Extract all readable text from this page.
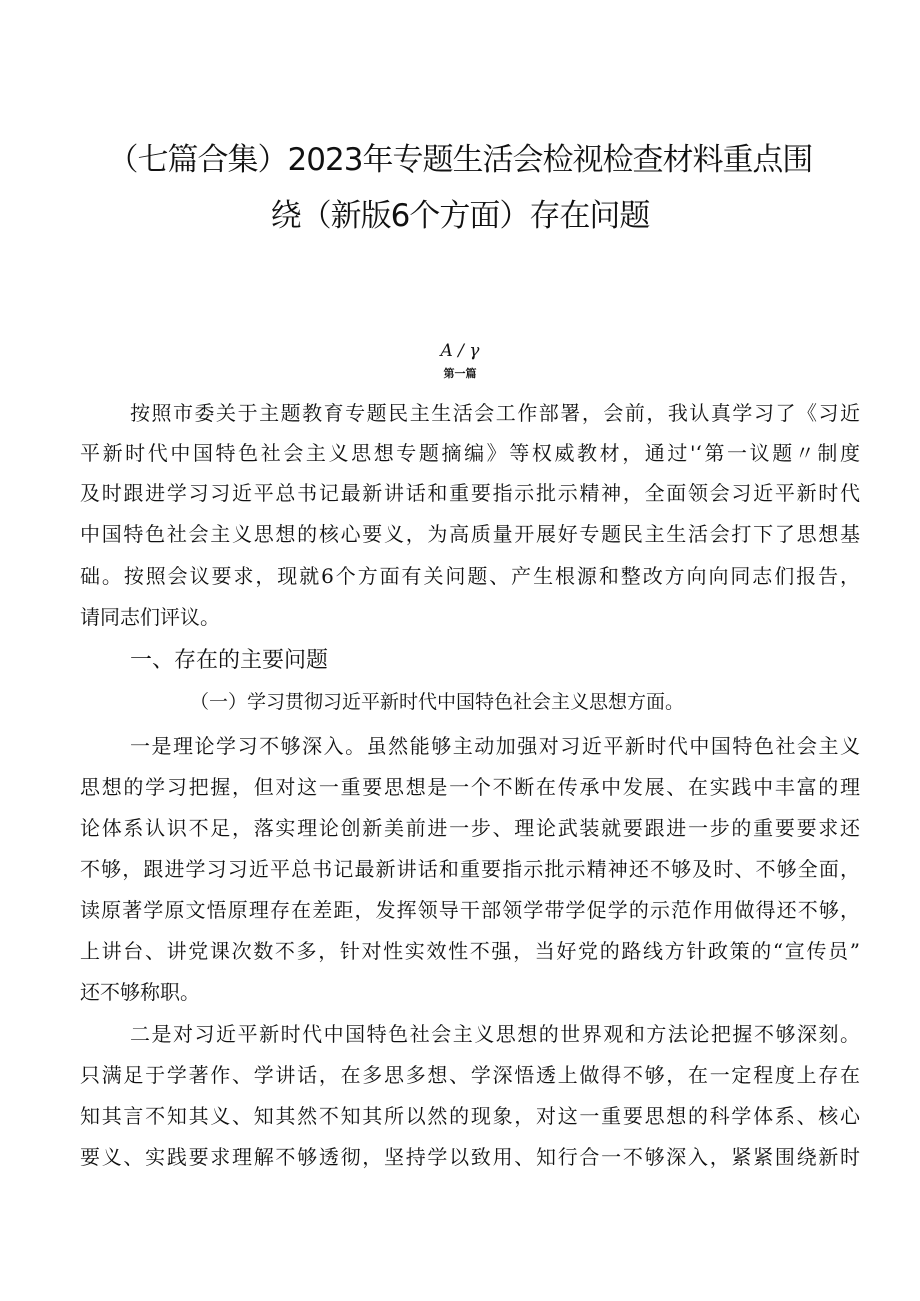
（七篇合集）2023年专题生活会检视检查材料重点围
绕（新版6个方面）存在问题
A / γ
第一篇
按照市委关于主题教育专题民主生活会工作部署，会前，我认真学习了《习近
平新时代中国特色社会主义思想专题摘编》等权威教材，通过'‘第一议题〃制度
及时跟进学习习近平总书记最新讲话和重要指示批示精神，全面领会习近平新时代
中国特色社会主义思想的核心要义，为高质量开展好专题民主生活会打下了思想基
础。按照会议要求，现就6个方面有关问题、产生根源和整改方向向同志们报告，
请同志们评议。
一、存在的主要问题
（一）学习贯彻习近平新时代中国特色社会主义思想方面。
一是理论学习不够深入。虽然能够主动加强对习近平新时代中国特色社会主义
思想的学习把握，但对这一重要思想是一个不断在传承中发展、在实践中丰富的理
论体系认识不足，落实理论创新美前进一步、理论武装就要跟进一步的重要要求还
不够，跟进学习习近平总书记最新讲话和重要指示批示精神还不够及时、不够全面，
读原著学原文悟原理存在差距，发挥领导干部领学带学促学的示范作用做得还不够，
上讲台、讲党课次数不多，针对性实效性不强，当好党的路线方针政策的“宣传员”
还不够称职。
二是对习近平新时代中国特色社会主义思想的世界观和方法论把握不够深刻。
只满足于学著作、学讲话，在多思多想、学深悟透上做得不够，在一定程度上存在
知其言不知其义、知其然不知其所以然的现象，对这一重要思想的科学体系、核心
要义、实践要求理解不够透彻，坚持学以致用、知行合一不够深入，紧紧围绕新时
